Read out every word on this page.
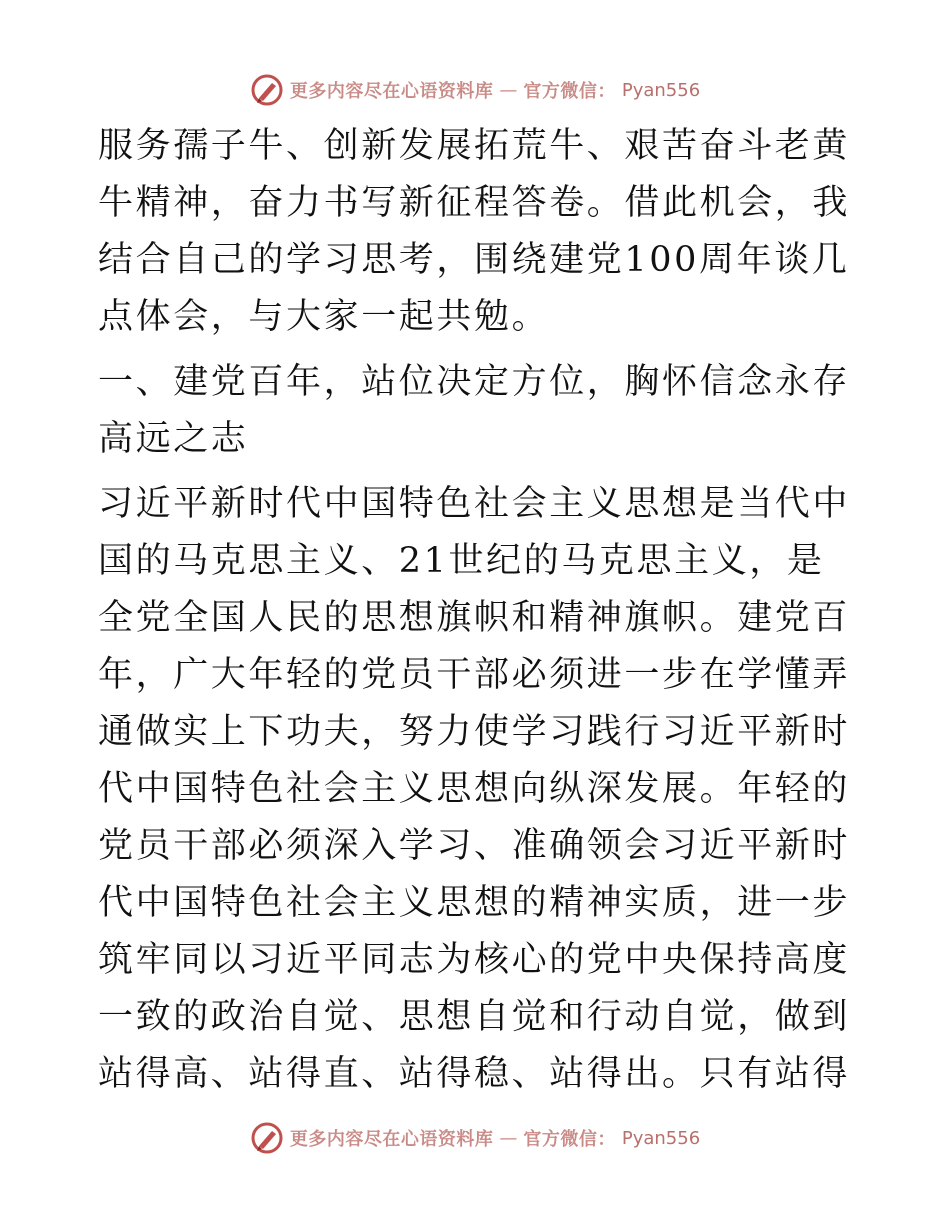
更多内容尽在心语资料库 — 官方微信： Pyan556

服务孺子牛、创新发展拓荒牛、艰苦奋斗老黄牛精神，奋力书写新征程答卷。借此机会，我结合自己的学习思考，围绕建党100周年谈几点体会，与大家一起共勉。

一、建党百年，站位决定方位，胸怀信念永存高远之志

习近平新时代中国特色社会主义思想是当代中国的马克思主义、21世纪的马克思主义，是全党全国人民的思想旗帜和精神旗帜。建党百年，广大年轻的党员干部必须进一步在学懂弄通做实上下功夫，努力使学习践行习近平新时代中国特色社会主义思想向纵深发展。年轻的党员干部必须深入学习、准确领会习近平新时代中国特色社会主义思想的精神实质，进一步筑牢同以习近平同志为核心的党中央保持高度一致的政治自觉、思想自觉和行动自觉，做到站得高、站得直、站得稳、站得出。只有站得

更多内容尽在心语资料库 — 官方微信： Pyan556
